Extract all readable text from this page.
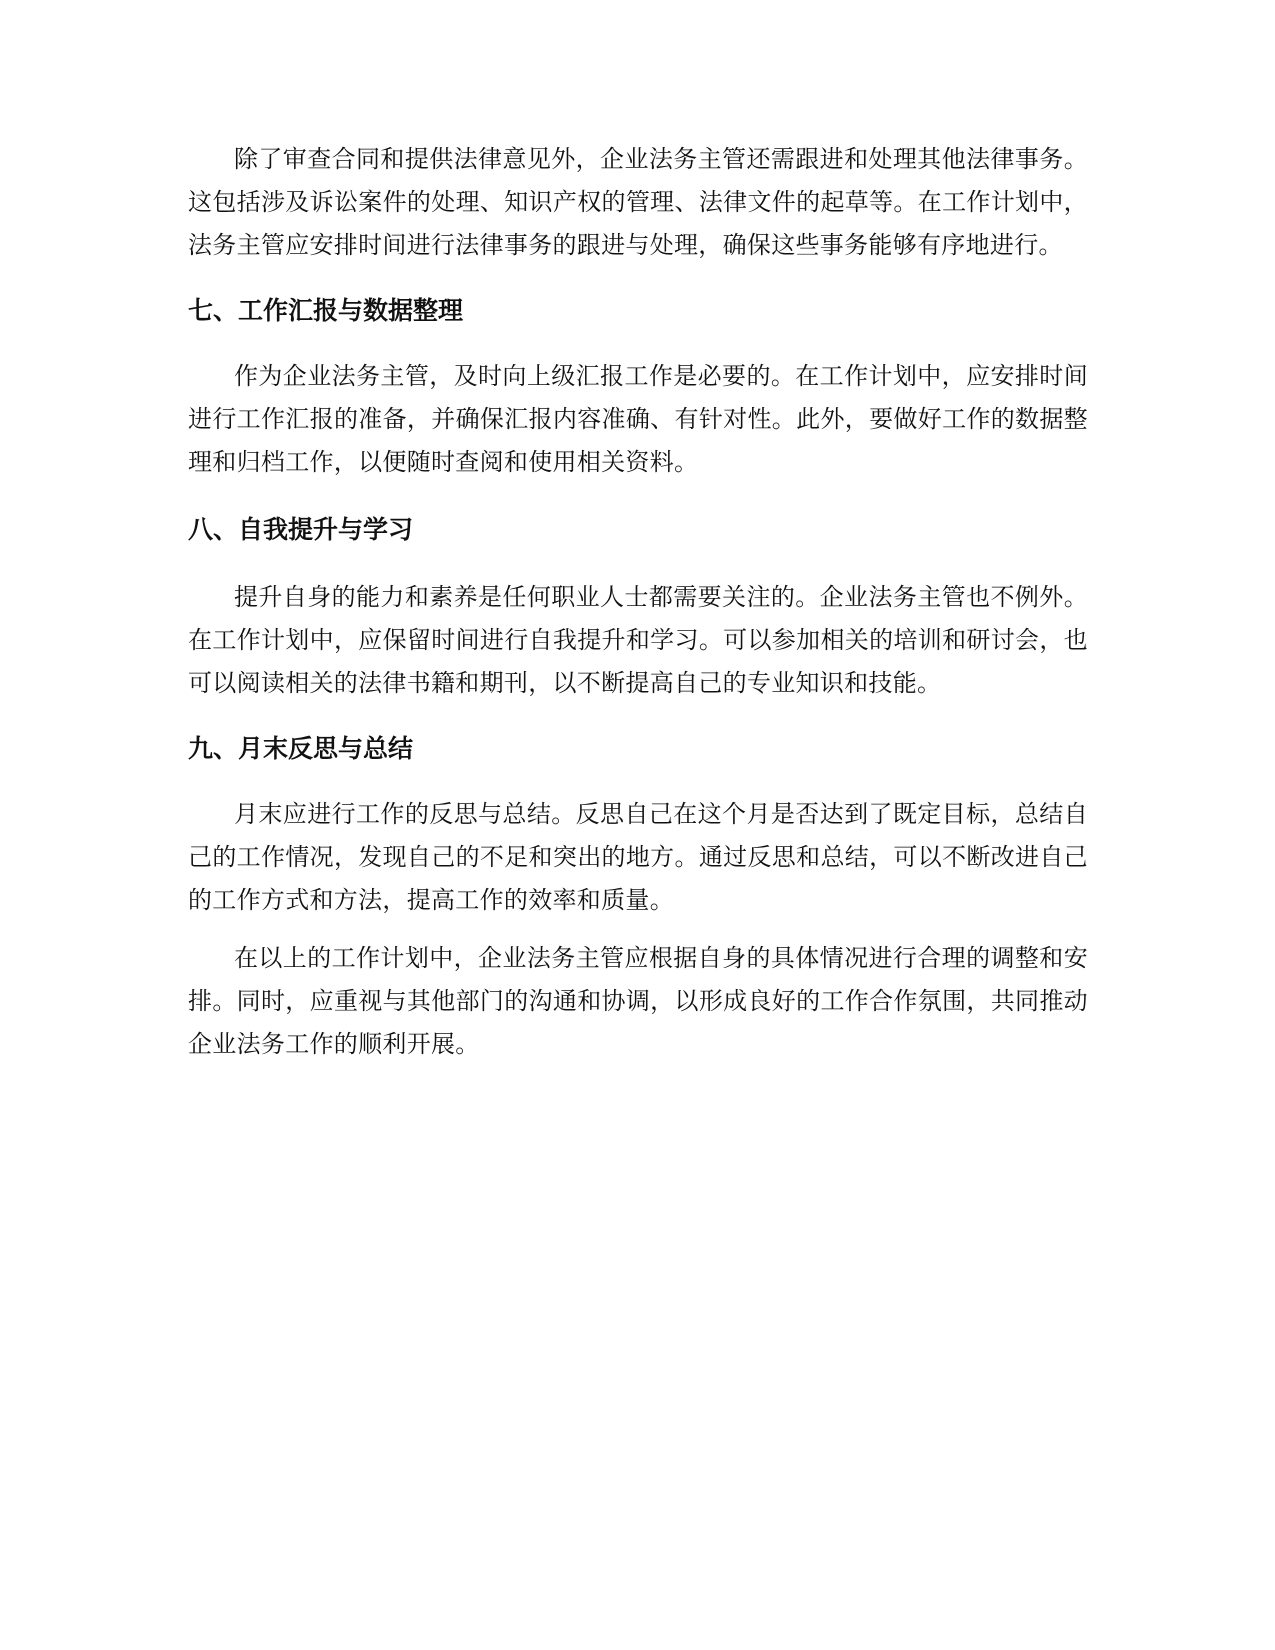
除了审查合同和提供法律意见外，企业法务主管还需跟进和处理其他法律事务。这包括涉及诉讼案件的处理、知识产权的管理、法律文件的起草等。在工作计划中，法务主管应安排时间进行法律事务的跟进与处理，确保这些事务能够有序地进行。

七、工作汇报与数据整理

作为企业法务主管，及时向上级汇报工作是必要的。在工作计划中，应安排时间进行工作汇报的准备，并确保汇报内容准确、有针对性。此外，要做好工作的数据整理和归档工作，以便随时查阅和使用相关资料。

八、自我提升与学习

提升自身的能力和素养是任何职业人士都需要关注的。企业法务主管也不例外。在工作计划中，应保留时间进行自我提升和学习。可以参加相关的培训和研讨会，也可以阅读相关的法律书籍和期刊，以不断提高自己的专业知识和技能。

九、月末反思与总结

月末应进行工作的反思与总结。反思自己在这个月是否达到了既定目标，总结自己的工作情况，发现自己的不足和突出的地方。通过反思和总结，可以不断改进自己的工作方式和方法，提高工作的效率和质量。

在以上的工作计划中，企业法务主管应根据自身的具体情况进行合理的调整和安排。同时，应重视与其他部门的沟通和协调，以形成良好的工作合作氛围，共同推动企业法务工作的顺利开展。
